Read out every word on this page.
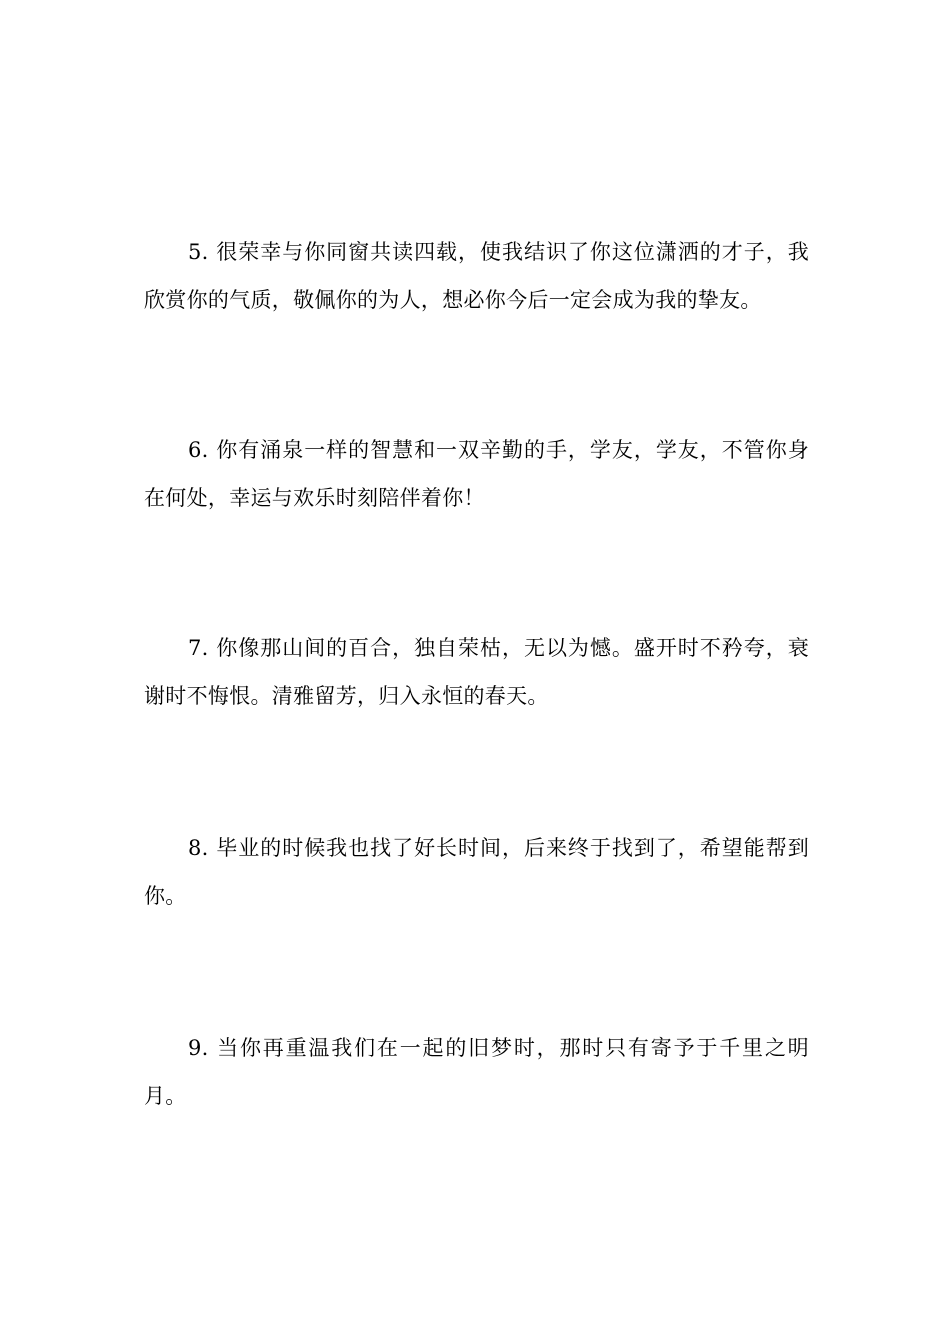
5. 很荣幸与你同窗共读四载，使我结识了你这位潇洒的才子，我欣赏你的气质，敬佩你的为人，想必你今后一定会成为我的挚友。

6. 你有涌泉一样的智慧和一双辛勤的手，学友，学友，不管你身在何处，幸运与欢乐时刻陪伴着你！

7. 你像那山间的百合，独自荣枯，无以为憾。盛开时不矜夸，衰谢时不悔恨。清雅留芳，归入永恒的春天。

8. 毕业的时候我也找了好长时间，后来终于找到了，希望能帮到你。

9. 当你再重温我们在一起的旧梦时，那时只有寄予于千里之明月。
